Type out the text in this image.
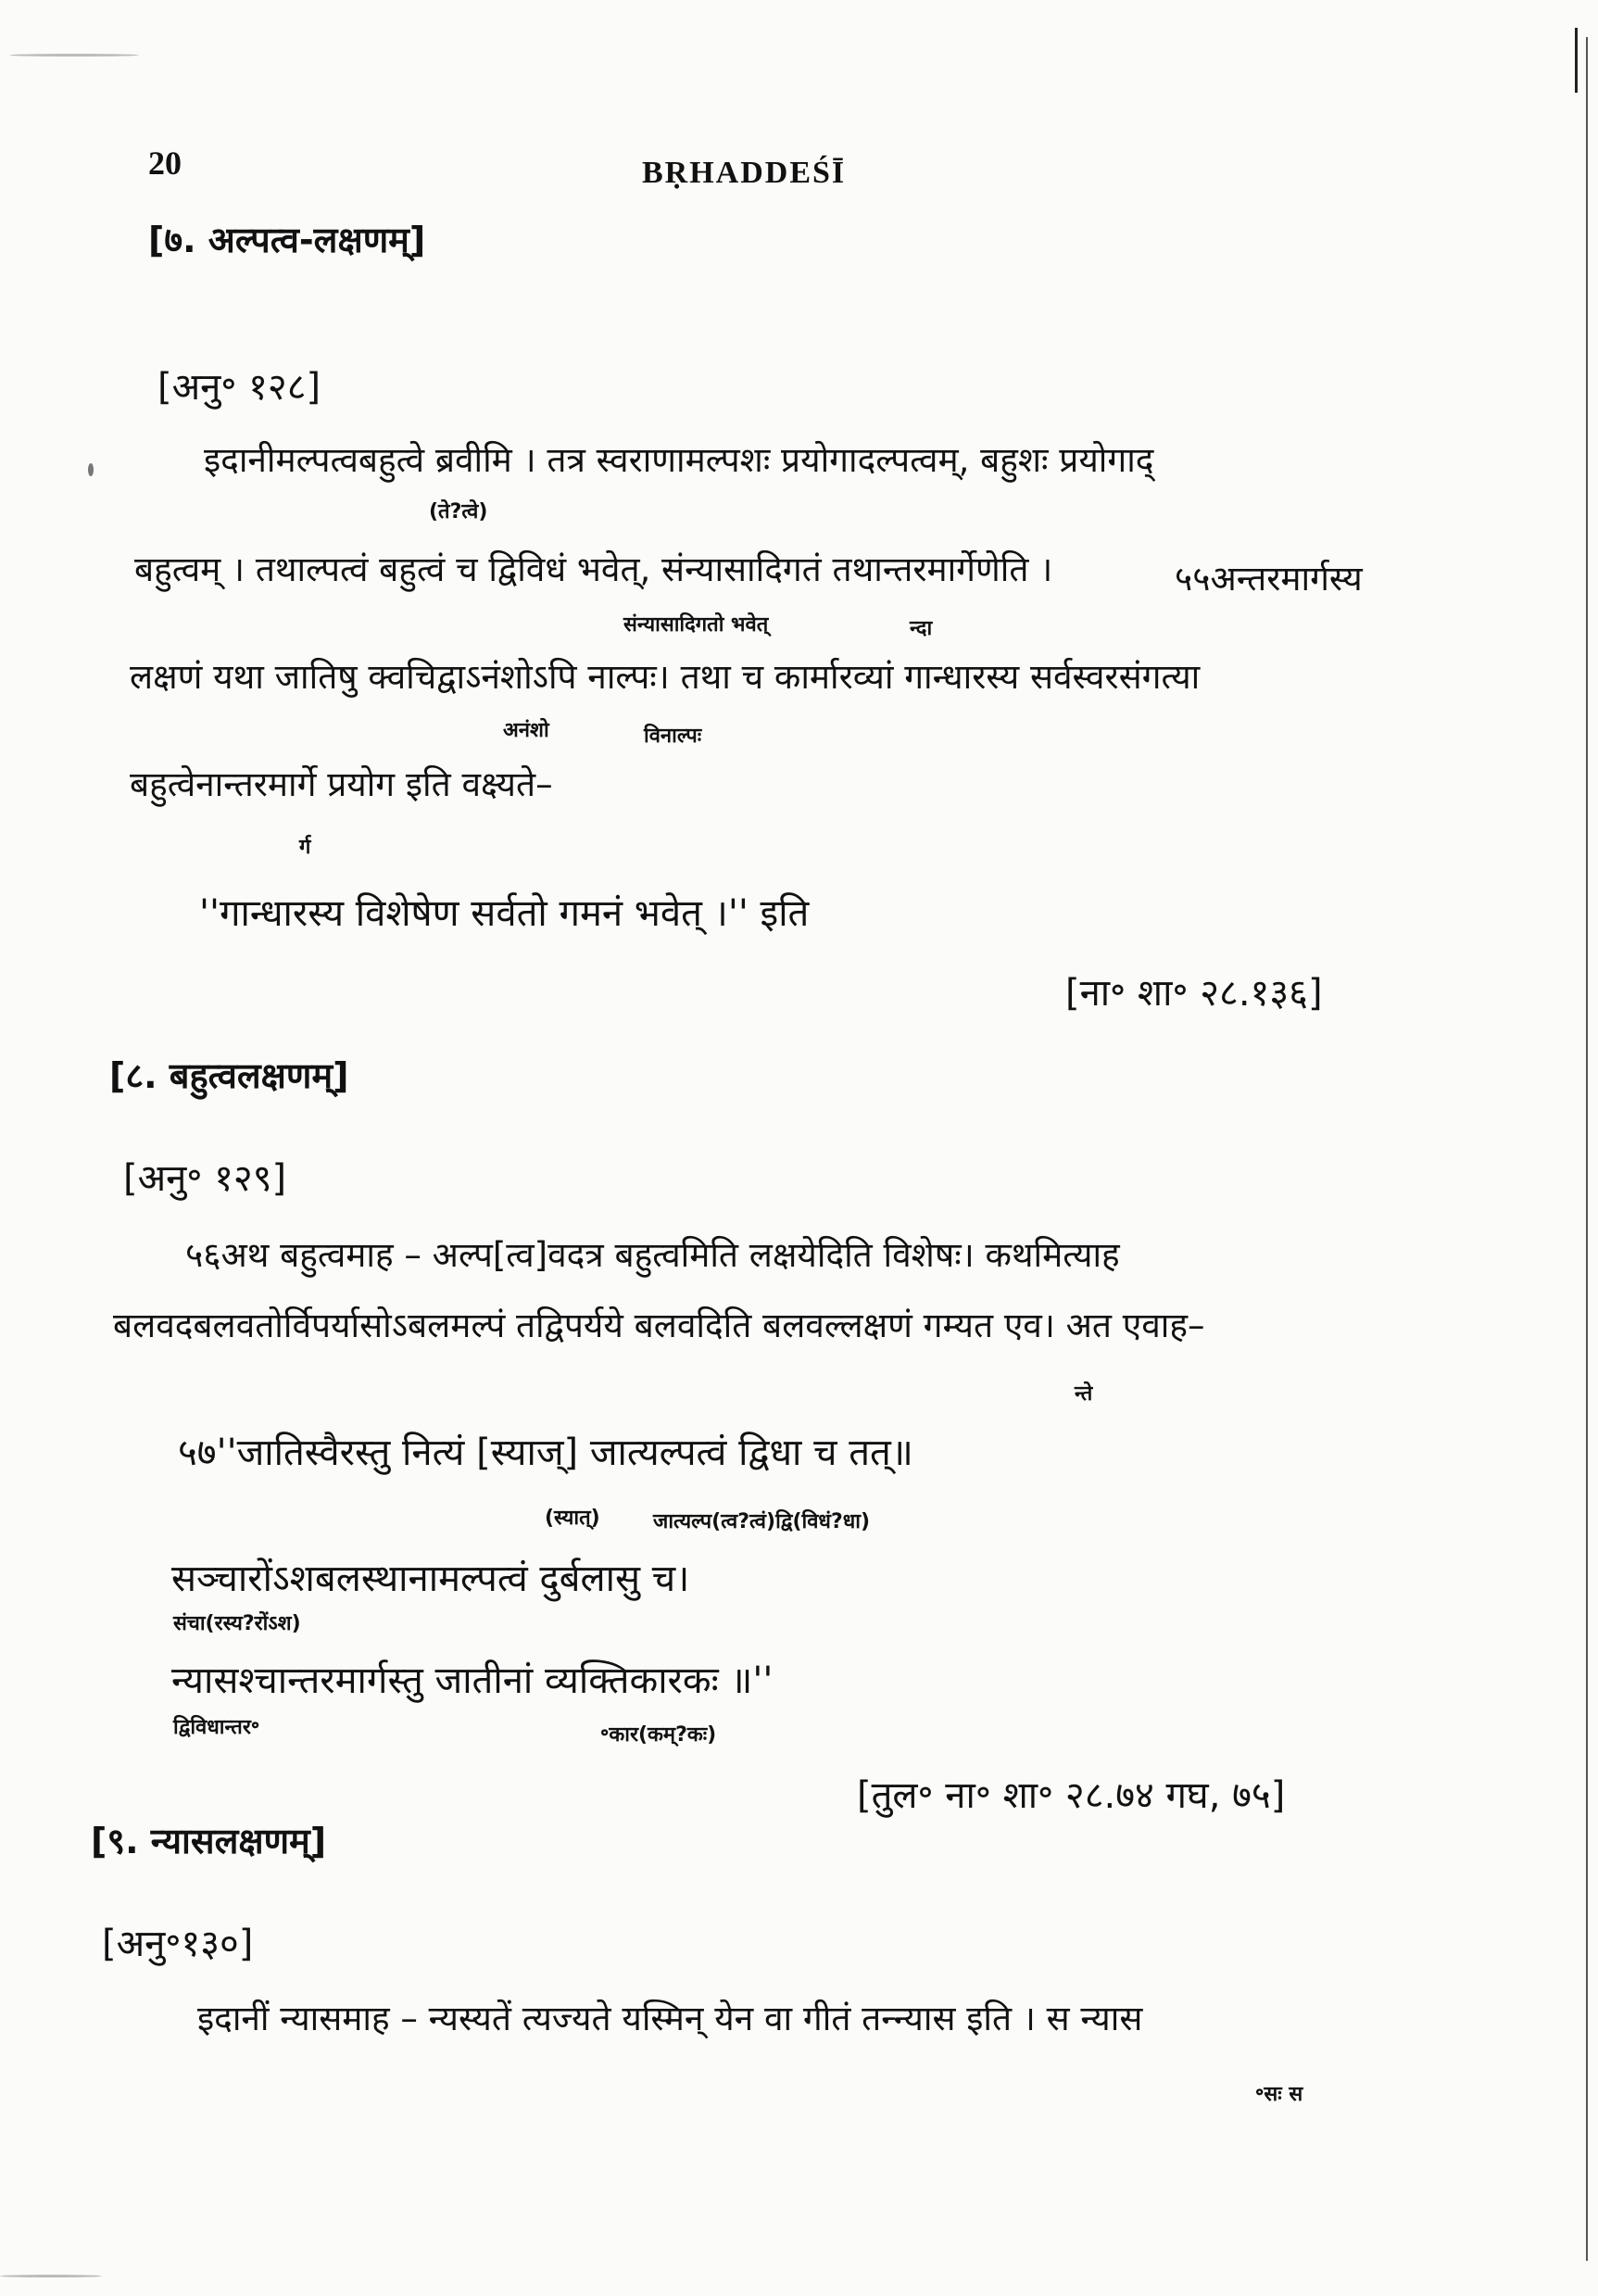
20	BṚHADDEŚĪ
[७. अल्पत्व-लक्षणम्]
[अनु॰ १२८]
इदानीमल्पत्वबहुत्वे ब्रवीमि । तत्र स्वराणामल्पशः प्रयोगादल्पत्वम्, बहुशः प्रयोगाद्
(ते?त्वे)
बहुत्वम् । तथाल्पत्वं बहुत्वं च द्विविधं भवेत्, संन्यासादिगतं तथान्तरमार्गेणेति ।	५५अन्तरमार्गस्य
संन्यासादिगतो भवेत्	न्दा
लक्षणं यथा जातिषु क्वचिद्वाऽनंशोऽपि नाल्पः। तथा च कार्मारव्यां गान्धारस्य सर्वस्वरसंगत्या
अनंशो	विनाल्पः
बहुत्वेनान्तरमार्गे प्रयोग इति वक्ष्यते–
र्ग
''गान्धारस्य विशेषेण सर्वतो गमनं भवेत् ।'' इति
[ना॰ शा॰ २८.१३६]
[८. बहुत्वलक्षणम्]
[अनु॰ १२९]
५६अथ बहुत्वमाह – अल्प[त्व]वदत्र बहुत्वमिति लक्षयेदिति विशेषः। कथमित्याह
बलवदबलवतोर्विपर्यासोऽबलमल्पं तद्विपर्यये बलवदिति बलवल्लक्षणं गम्यत एव। अत एवाह–
न्ते
५७''जातिस्वैरस्तु नित्यं [स्याज्] जात्यल्पत्वं द्विधा च तत्॥
(स्यात्)	जात्यल्प(त्व?त्वं)द्वि(विधं?धा)
सञ्चारोंऽशबलस्थानामल्पत्वं दुर्बलासु च।
संचा(रस्य?रोंऽश)
न्यासश्चान्तरमार्गस्तु जातीनां व्यक्तिकारकः ॥''
द्विविधान्तर॰	॰कार(कम्?कः)
[तुल॰ ना॰ शा॰ २८.७४ गघ, ७५]
[९. न्यासलक्षणम्]
[अनु॰१३०]
इदानीं न्यासमाह – न्यस्यतें त्यज्यते यस्मिन् येन वा गीतं तन्न्यास इति । स न्यास
॰सः स
